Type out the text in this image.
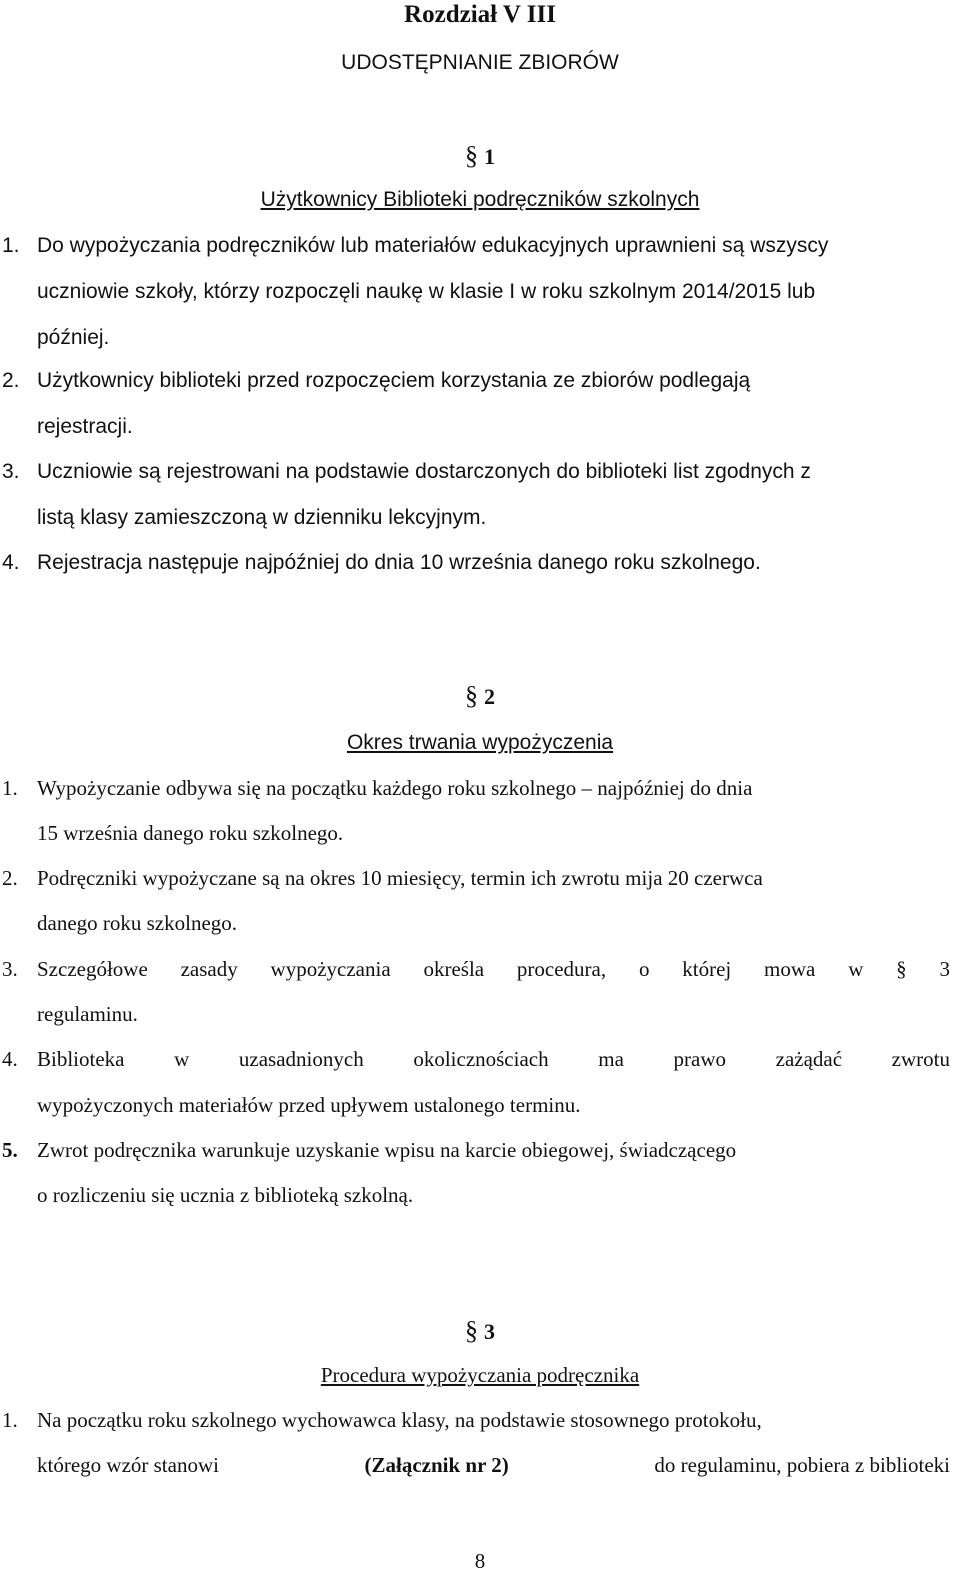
Rozdział V III
UDOSTĘPNIANIE ZBIORÓW
§ 1
Użytkownicy Biblioteki podręczników szkolnych
1. Do wypożyczania podręczników lub materiałów edukacyjnych uprawnieni są wszyscy
uczniowie szkoły, którzy rozpoczęli naukę w klasie I w roku szkolnym 2014/2015 lub
później.
2. Użytkownicy biblioteki przed rozpoczęciem korzystania ze zbiorów podlegają
rejestracji.
3. Uczniowie są rejestrowani na podstawie dostarczonych do biblioteki list zgodnych z
listą klasy zamieszczoną w dzienniku lekcyjnym.
4. Rejestracja następuje najpóźniej do dnia 10 września danego roku szkolnego.
§ 2
Okres trwania wypożyczenia
1. Wypożyczanie odbywa się na początku każdego roku szkolnego – najpóźniej do dnia
15 września danego roku szkolnego.
2. Podręczniki wypożyczane są na okres 10 miesięcy, termin ich zwrotu mija 20 czerwca
danego roku szkolnego.
3. Szczegółowe zasady wypożyczania określa procedura, o której mowa w § 3
regulaminu.
4. Biblioteka w uzasadnionych okolicznościach ma prawo zażądać zwrotu
wypożyczonych materiałów przed upływem ustalonego terminu.
5. Zwrot podręcznika warunkuje uzyskanie wpisu na karcie obiegowej, świadczącego
o rozliczeniu się ucznia z biblioteką szkolną.
§ 3
Procedura wypożyczania podręcznika
1. Na początku roku szkolnego wychowawca klasy, na podstawie stosownego protokołu,
którego wzór stanowi	(Załącznik nr 2)	do regulaminu, pobiera z biblioteki
8
